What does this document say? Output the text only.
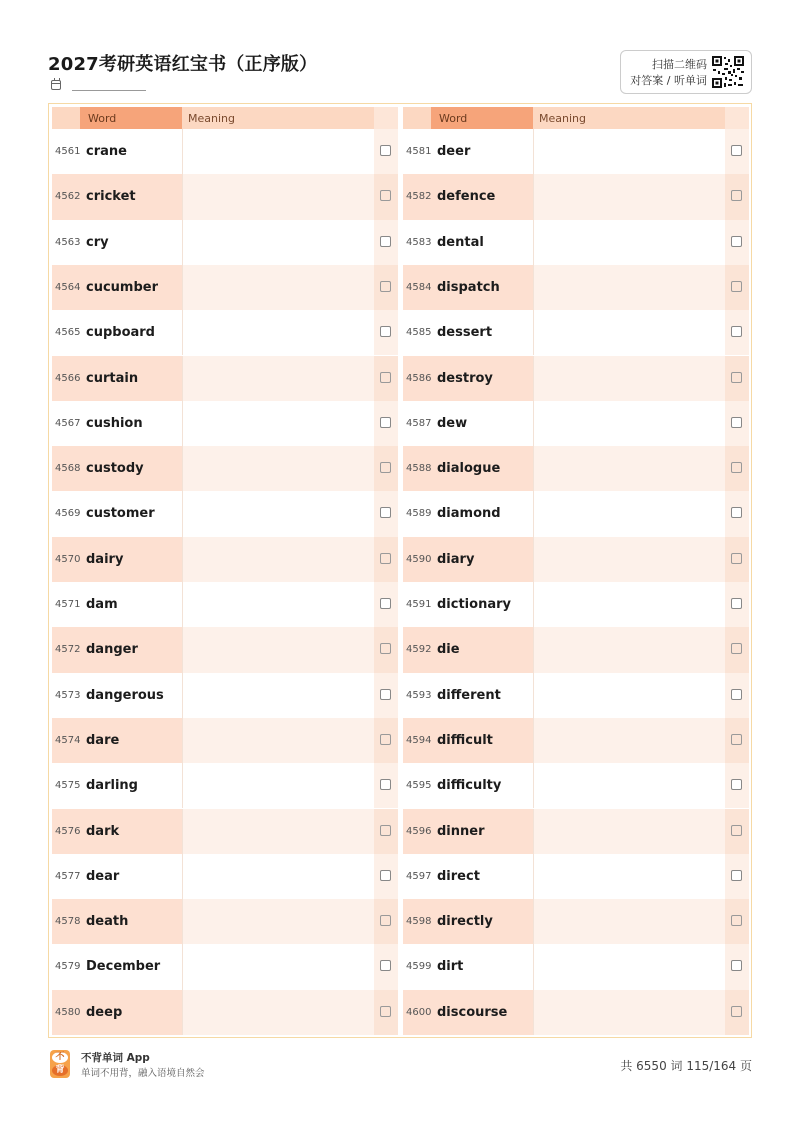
2027考研英语红宝书（正序版）	扫描二维码
对答案 / 听单词
Word	Meaning
4561 crane
4562 cricket
4563 cry
4564 cucumber
4565 cupboard
4566 curtain
4567 cushion
4568 custody
4569 customer
4570 dairy
4571 dam
4572 danger
4573 dangerous
4574 dare
4575 darling
4576 dark
4577 dear
4578 death
4579 December
4580 deep
Word	Meaning
4581 deer
4582 defence
4583 dental
4584 dispatch
4585 dessert
4586 destroy
4587 dew
4588 dialogue
4589 diamond
4590 diary
4591 dictionary
4592 die
4593 different
4594 difficult
4595 difficulty
4596 dinner
4597 direct
4598 directly
4599 dirt
4600 discourse
不
背
不背单词 App
单词不用背，融入语境自然会
共 6550 词 115/164 页
